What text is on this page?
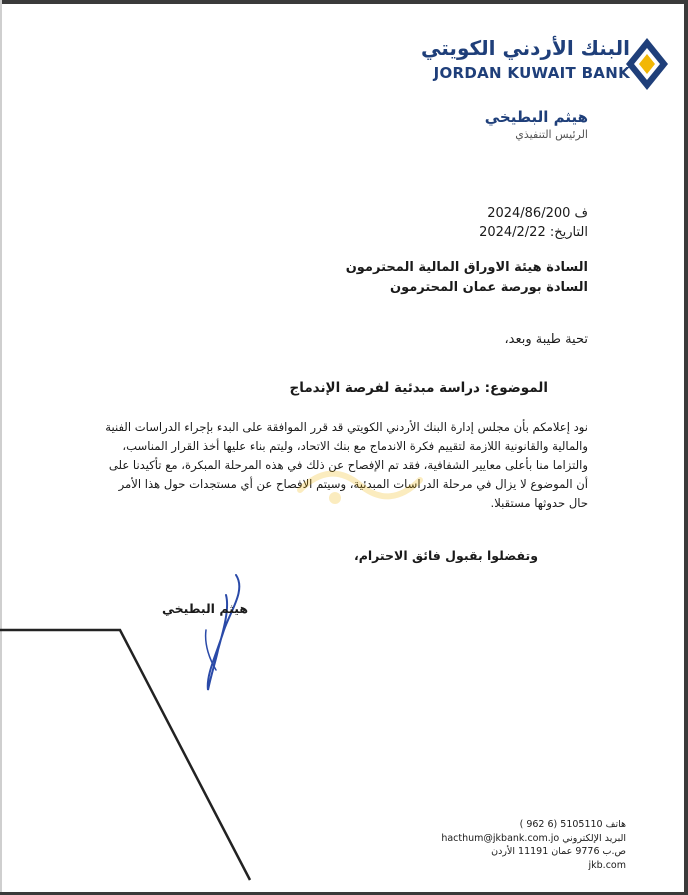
البنك الأردني الكويتي
JORDAN KUWAIT BANK
هيثم البطيخي
الرئيس التنفيذي
ف 2024/86/200
التاريخ: 2024/2/22
السادة هيئة الاوراق المالية المحترمون
السادة بورصة عمان المحترمون
تحية طيبة وبعد،
الموضوع: دراسة مبدئية لفرصة الإندماج
نود إعلامكم بأن مجلس إدارة البنك الأردني الكويتي قد قرر الموافقة على البدء بإجراء الدراسات الفنية والمالية والقانونية اللازمة لتقييم فكرة الاندماج مع بنك الاتحاد، وليتم بناء عليها أخذ القرار المناسب، والتزاما منا بأعلى معايير الشفافية، فقد تم الإفصاح عن ذلك في هذه المرحلة المبكرة، مع تأكيدنا على أن الموضوع لا يزال في مرحلة الدراسات المبدئية، وسيتم الافصاح عن أي مستجدات حول هذا الأمر حال حدوثها مستقبلا.
وتفضلوا بقبول فائق الاحترام،
هيثم البطيخي
هاتف 5105110 (6 962 )
البريد الإلكتروني hacthum@jkbank.com.jo
ص.ب 9776 عمان 11191 الأردن
jkb.com
